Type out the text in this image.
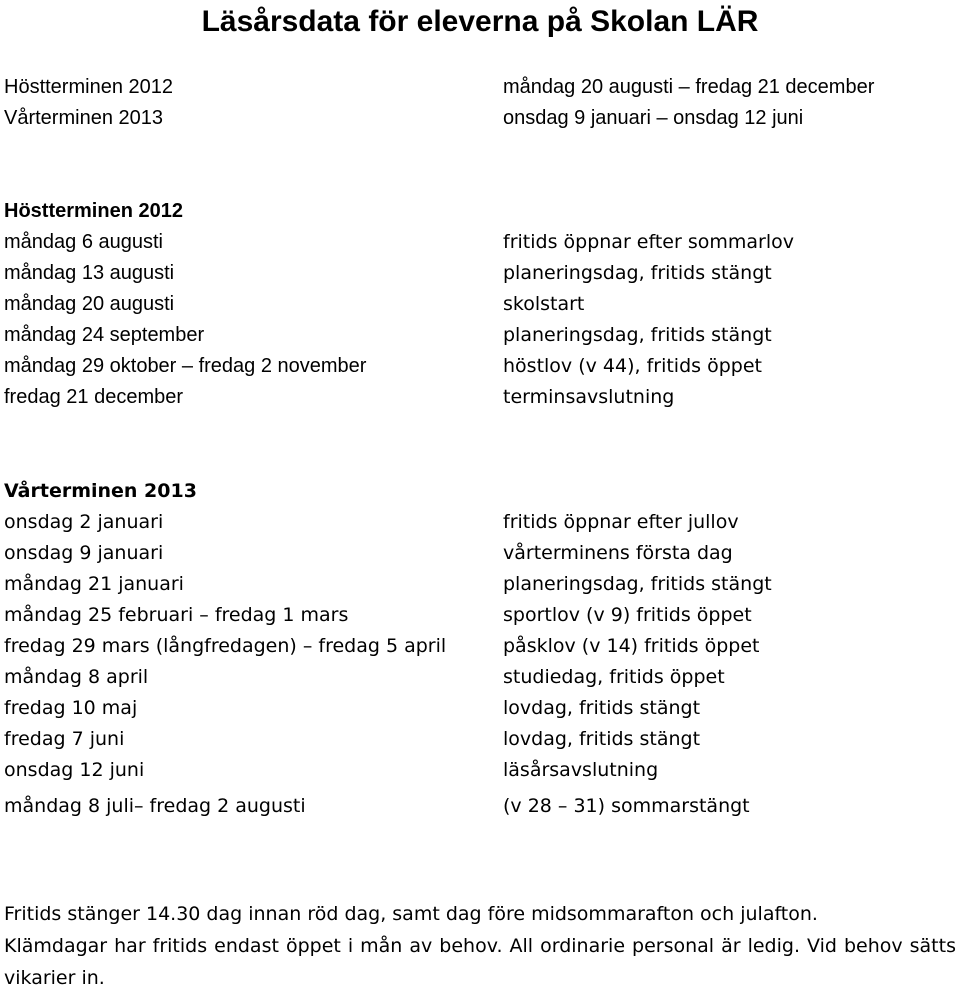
Läsårsdata för eleverna på Skolan LÄR
Höstterminen 2012
Vårterminen 2013
måndag 20 augusti – fredag 21 december
onsdag 9 januari – onsdag 12 juni
Höstterminen 2012
måndag 6 augusti
måndag 13 augusti
måndag 20 augusti
måndag 24 september
måndag 29 oktober – fredag 2 november
fredag 21 december
fritids öppnar efter sommarlov
planeringsdag, fritids stängt
skolstart
planeringsdag, fritids stängt
höstlov (v 44), fritids öppet
terminsavslutning
Vårterminen 2013
onsdag 2 januari
onsdag 9 januari
måndag 21 januari
måndag 25 februari – fredag 1 mars
fredag 29 mars (långfredagen) – fredag 5 april
måndag 8 april
fredag 10 maj
fredag 7 juni
onsdag 12 juni
måndag 8 juli– fredag 2 augusti
fritids öppnar efter jullov
vårterminens första dag
planeringsdag, fritids stängt
sportlov (v 9) fritids öppet
påsklov (v 14) fritids öppet
studiedag, fritids öppet
lovdag, fritids stängt
lovdag, fritids stängt
läsårsavslutning
(v 28 – 31) sommarstängt

Fritids stänger 14.30 dag innan röd dag, samt dag före midsommarafton och julafton.

Klämdagar har fritids endast öppet i mån av behov. All ordinarie personal är ledig. Vid behov sätts vikarier in.
